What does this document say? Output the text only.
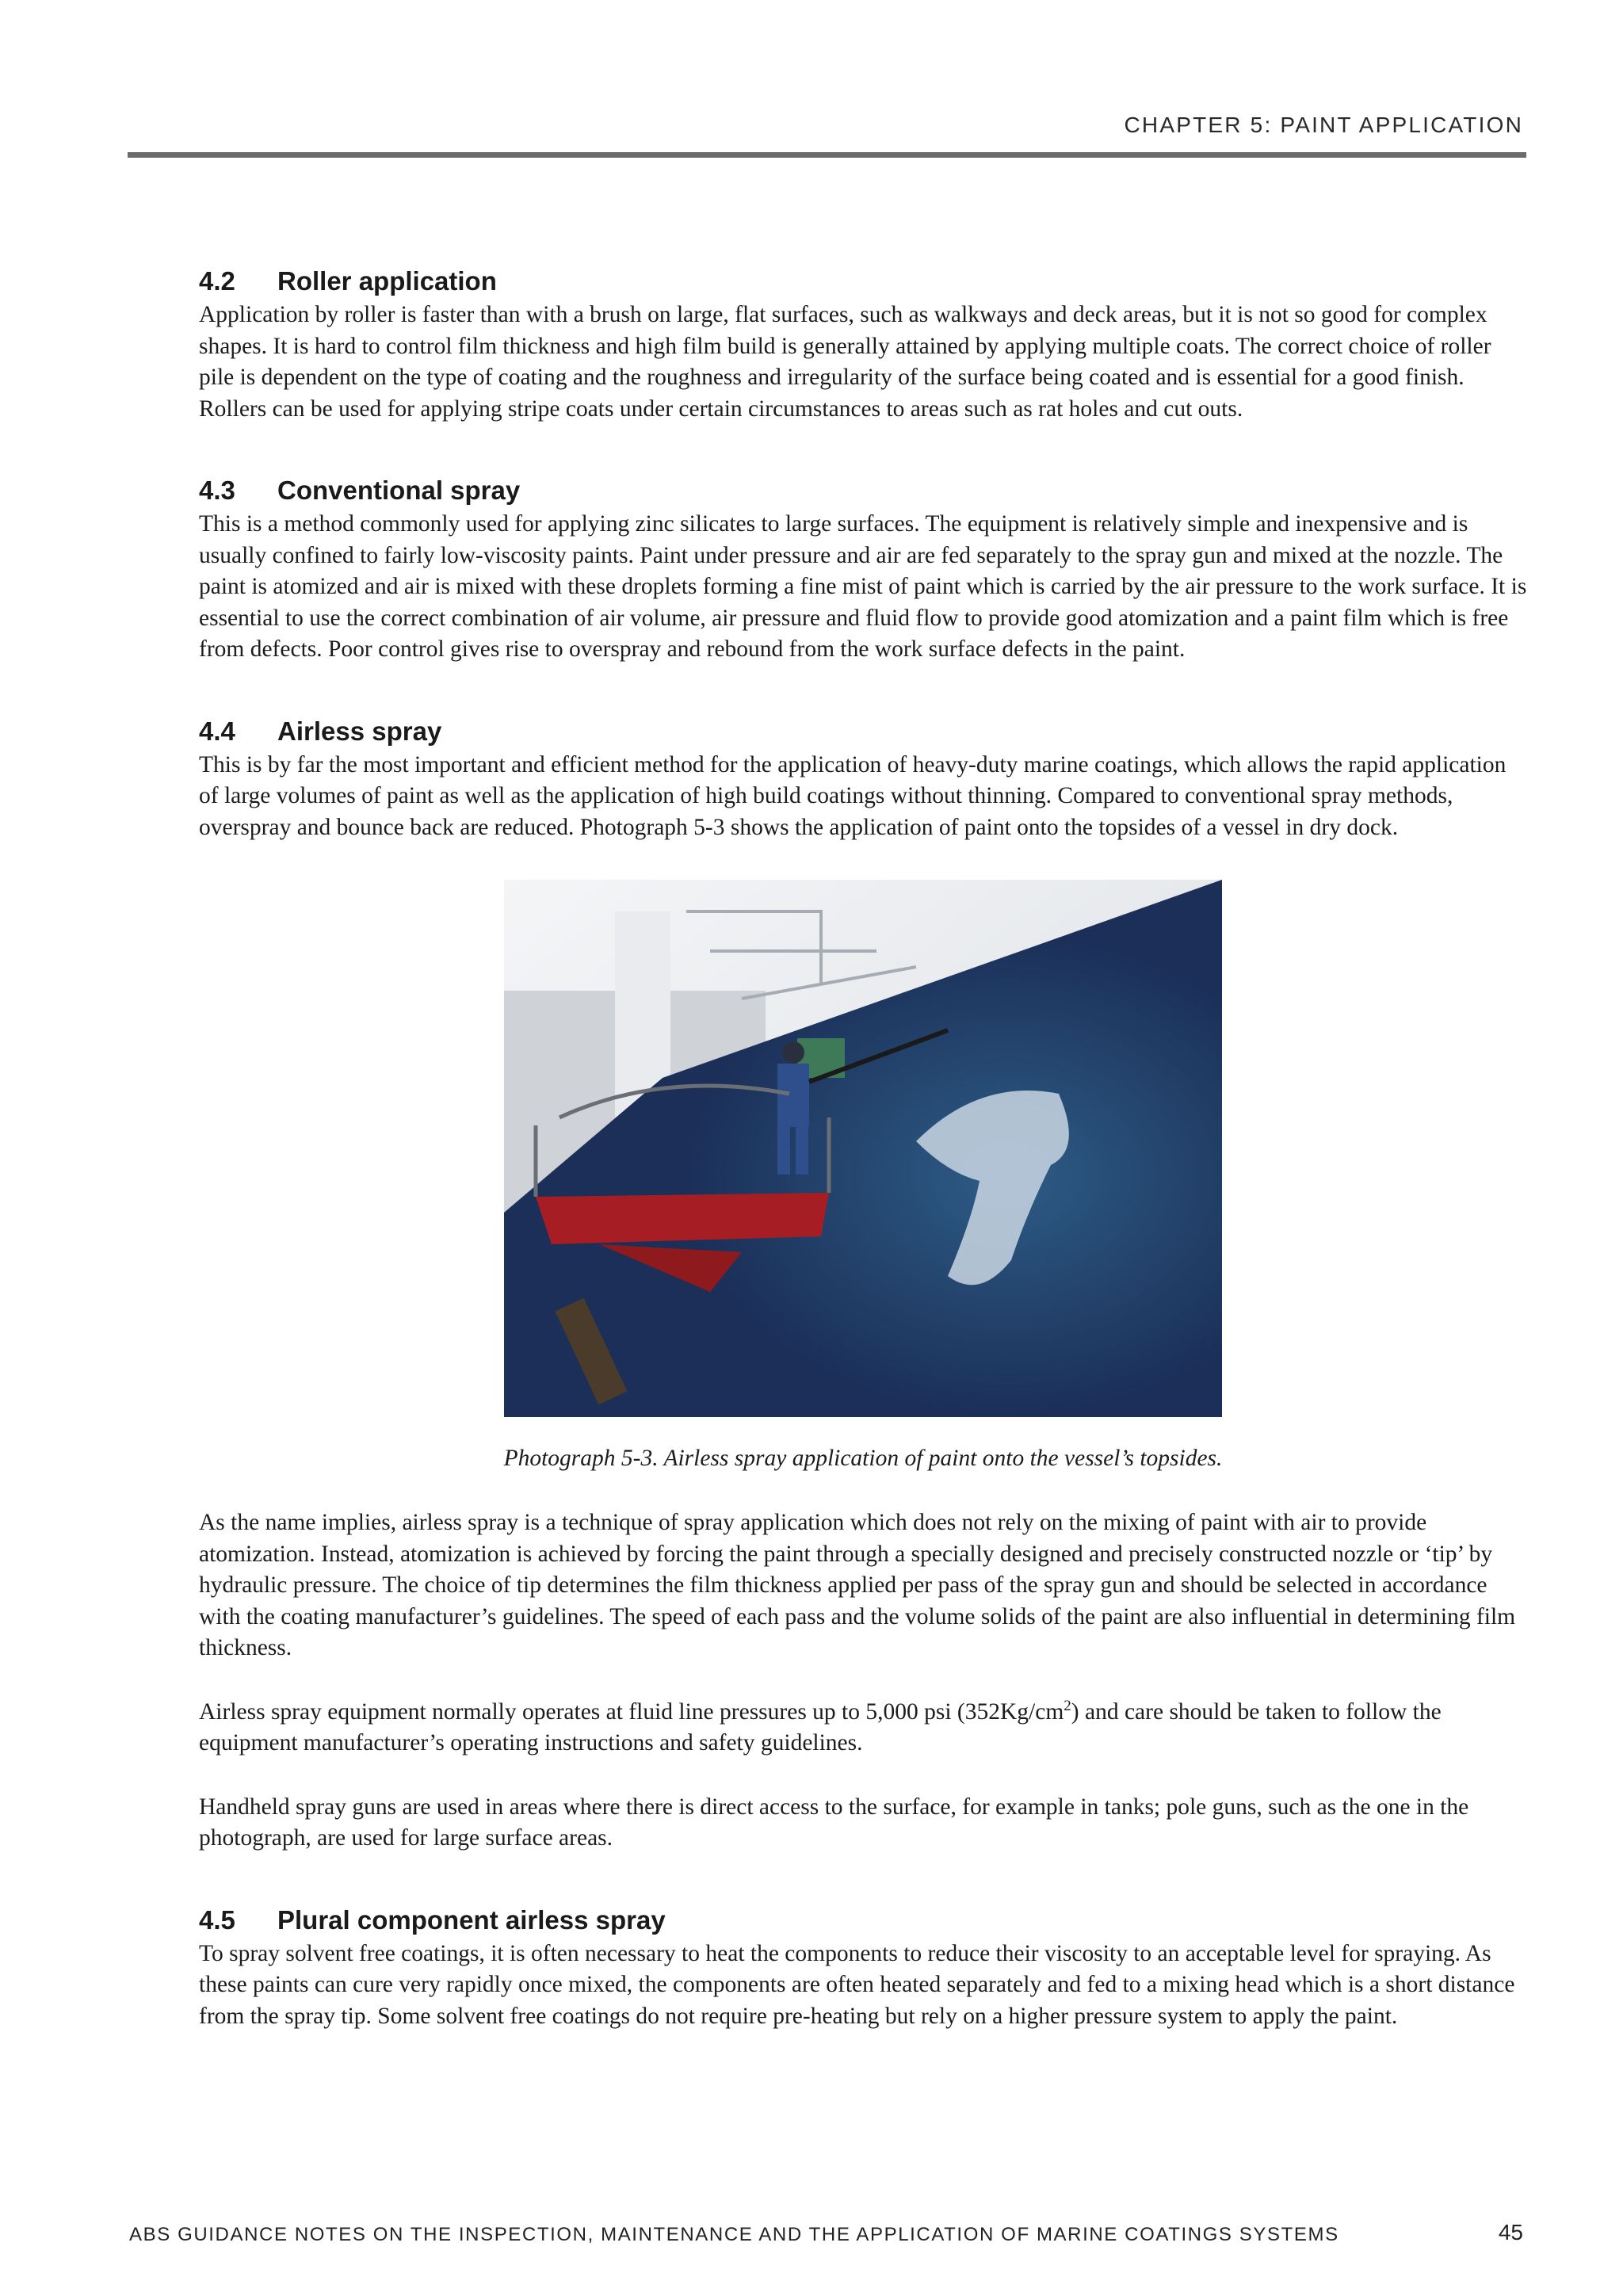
CHAPTER 5: PAINT APPLICATION
4.2 Roller application

Application by roller is faster than with a brush on large, flat surfaces, such as walkways and deck areas, but it is not so good for complex shapes. It is hard to control film thickness and high film build is generally attained by applying multiple coats. The correct choice of roller pile is dependent on the type of coating and the roughness and irregularity of the surface being coated and is essential for a good finish. Rollers can be used for applying stripe coats under certain circumstances to areas such as rat holes and cut outs.

4.3 Conventional spray

This is a method commonly used for applying zinc silicates to large surfaces. The equipment is relatively simple and inexpensive and is usually confined to fairly low-viscosity paints. Paint under pressure and air are fed separately to the spray gun and mixed at the nozzle. The paint is atomized and air is mixed with these droplets forming a fine mist of paint which is carried by the air pressure to the work surface. It is essential to use the correct combination of air volume, air pressure and fluid flow to provide good atomization and a paint film which is free from defects. Poor control gives rise to overspray and rebound from the work surface defects in the paint.

4.4 Airless spray

This is by far the most important and efficient method for the application of heavy-duty marine coatings, which allows the rapid application of large volumes of paint as well as the application of high build coatings without thinning. Compared to conventional spray methods, overspray and bounce back are reduced. Photograph 5-3 shows the application of paint onto the topsides of a vessel in dry dock.

Photograph 5-3. Airless spray application of paint onto the vessel’s topsides.

As the name implies, airless spray is a technique of spray application which does not rely on the mixing of paint with air to provide atomization. Instead, atomization is achieved by forcing the paint through a specially designed and precisely constructed nozzle or ‘tip’ by hydraulic pressure. The choice of tip determines the film thickness applied per pass of the spray gun and should be selected in accordance with the coating manufacturer’s guidelines. The speed of each pass and the volume solids of the paint are also influential in determining film thickness.

Airless spray equipment normally operates at fluid line pressures up to 5,000 psi $(352Kg/cm^2)$ and care should be taken to follow the equipment manufacturer’s operating instructions and safety guidelines.

Handheld spray guns are used in areas where there is direct access to the surface, for example in tanks; pole guns, such as the one in the photograph, are used for large surface areas.

4.5 Plural component airless spray

To spray solvent free coatings, it is often necessary to heat the components to reduce their viscosity to an acceptable level for spraying. As these paints can cure very rapidly once mixed, the components are often heated separately and fed to a mixing head which is a short distance from the spray tip. Some solvent free coatings do not require pre-heating but rely on a higher pressure system to apply the paint.

ABS GUIDANCE NOTES ON THE INSPECTION, MAINTENANCE AND THE APPLICATION OF MARINE COATINGS SYSTEMS	45
